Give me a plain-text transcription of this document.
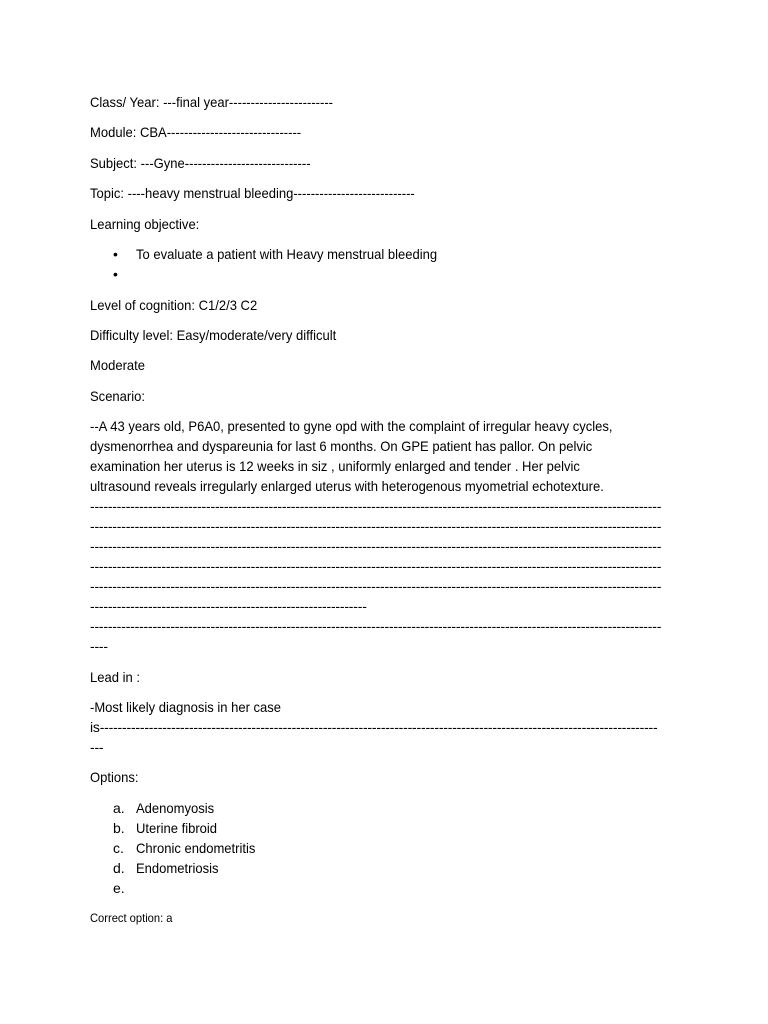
Class/ Year: ---final year------------------------
Module: CBA-------------------------------
Subject: ---Gyne-----------------------------
Topic: ----heavy menstrual bleeding----------------------------
Learning objective:
• To evaluate a patient with Heavy menstrual bleeding
•
Level of cognition: C1/2/3 C2
Difficulty level: Easy/moderate/very difficult
Moderate
Scenario:
--A 43 years old, P6A0, presented to gyne opd with the complaint of irregular heavy cycles,
dysmenorrhea and dyspareunia for last 6 months. On GPE patient has pallor. On pelvic
examination her uterus is 12 weeks in siz , uniformly enlarged and tender . Her pelvic
ultrasound reveals irregularly enlarged uterus with heterogenous myometrial echotexture.
--------------------------------------------------------------------------------------------------------------------------------
--------------------------------------------------------------------------------------------------------------------------------
--------------------------------------------------------------------------------------------------------------------------------
--------------------------------------------------------------------------------------------------------------------------------
--------------------------------------------------------------------------------------------------------------------------------
--------------------------------------------------------------
--------------------------------------------------------------------------------------------------------------------------------
----
Lead in :
-Most likely diagnosis in her case
is-----------------------------------------------------------------------------------------------------------------------------
---
Options:
a. Adenomyosis
b. Uterine fibroid
c. Chronic endometritis
d. Endometriosis
e.
Correct option: a
